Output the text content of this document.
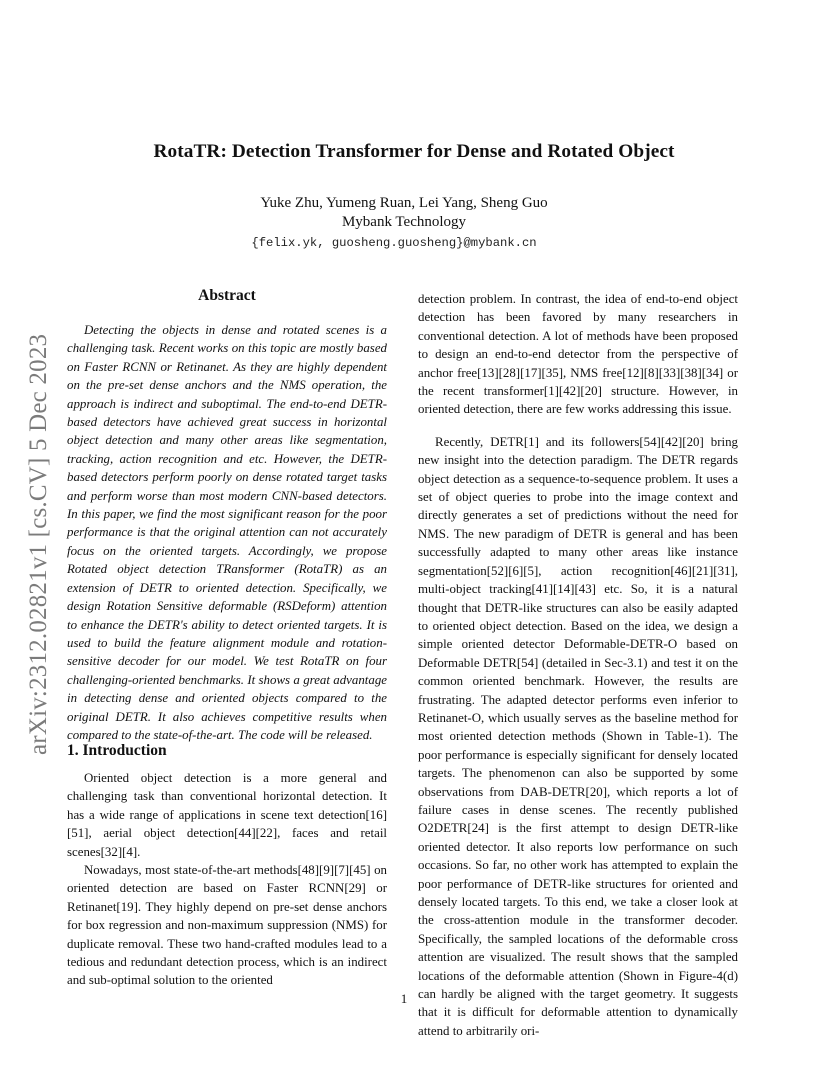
arXiv:2312.02821v1 [cs.CV] 5 Dec 2023
RotaTR: Detection Transformer for Dense and Rotated Object
Yuke Zhu, Yumeng Ruan, Lei Yang, Sheng Guo
Mybank Technology
{felix.yk, guosheng.guosheng}@mybank.cn
Abstract
Detecting the objects in dense and rotated scenes is a challenging task. Recent works on this topic are mostly based on Faster RCNN or Retinanet. As they are highly dependent on the pre-set dense anchors and the NMS operation, the approach is indirect and suboptimal. The end-to-end DETR-based detectors have achieved great success in horizontal object detection and many other areas like segmentation, tracking, action recognition and etc. However, the DETR-based detectors perform poorly on dense rotated target tasks and perform worse than most modern CNN-based detectors. In this paper, we find the most significant reason for the poor performance is that the original attention can not accurately focus on the oriented targets. Accordingly, we propose Rotated object detection TRansformer (RotaTR) as an extension of DETR to oriented detection. Specifically, we design Rotation Sensitive deformable (RSDeform) attention to enhance the DETR's ability to detect oriented targets. It is used to build the feature alignment module and rotation-sensitive decoder for our model. We test RotaTR on four challenging-oriented benchmarks. It shows a great advantage in detecting dense and oriented objects compared to the original DETR. It also achieves competitive results when compared to the state-of-the-art. The code will be released.
1. Introduction

Oriented object detection is a more general and challenging task than conventional horizontal detection. It has a wide range of applications in scene text detection[16][51], aerial object detection[44][22], faces and retail scenes[32][4].

Nowadays, most state-of-the-art methods[48][9][7][45] on oriented detection are based on Faster RCNN[29] or Retinanet[19]. They highly depend on pre-set dense anchors for box regression and non-maximum suppression (NMS) for duplicate removal. These two hand-crafted modules lead to a tedious and redundant detection process, which is an indirect and sub-optimal solution to the oriented

detection problem. In contrast, the idea of end-to-end object detection has been favored by many researchers in conventional detection. A lot of methods have been proposed to design an end-to-end detector from the perspective of anchor free[13][28][17][35], NMS free[12][8][33][38][34] or the recent transformer[1][42][20] structure. However, in oriented detection, there are few works addressing this issue.

Recently, DETR[1] and its followers[54][42][20] bring new insight into the detection paradigm. The DETR regards object detection as a sequence-to-sequence problem. It uses a set of object queries to probe into the image context and directly generates a set of predictions without the need for NMS. The new paradigm of DETR is general and has been successfully adapted to many other areas like instance segmentation[52][6][5], action recognition[46][21][31], multi-object tracking[41][14][43] etc. So, it is a natural thought that DETR-like structures can also be easily adapted to oriented object detection. Based on the idea, we design a simple oriented detector Deformable-DETR-O based on Deformable DETR[54] (detailed in Sec-3.1) and test it on the common oriented benchmark. However, the results are frustrating. The adapted detector performs even inferior to Retinanet-O, which usually serves as the baseline method for most oriented detection methods (Shown in Table-1). The poor performance is especially significant for densely located targets. The phenomenon can also be supported by some observations from DAB-DETR[20], which reports a lot of failure cases in dense scenes. The recently published O2DETR[24] is the first attempt to design DETR-like oriented detector. It also reports low performance on such occasions. So far, no other work has attempted to explain the poor performance of DETR-like structures for oriented and densely located targets. To this end, we take a closer look at the cross-attention module in the transformer decoder. Specifically, the sampled locations of the deformable cross attention are visualized. The result shows that the sampled locations of the deformable attention (Shown in Figure-4(d) can hardly be aligned with the target geometry. It suggests that it is difficult for deformable attention to dynamically attend to arbitrarily ori-

1
